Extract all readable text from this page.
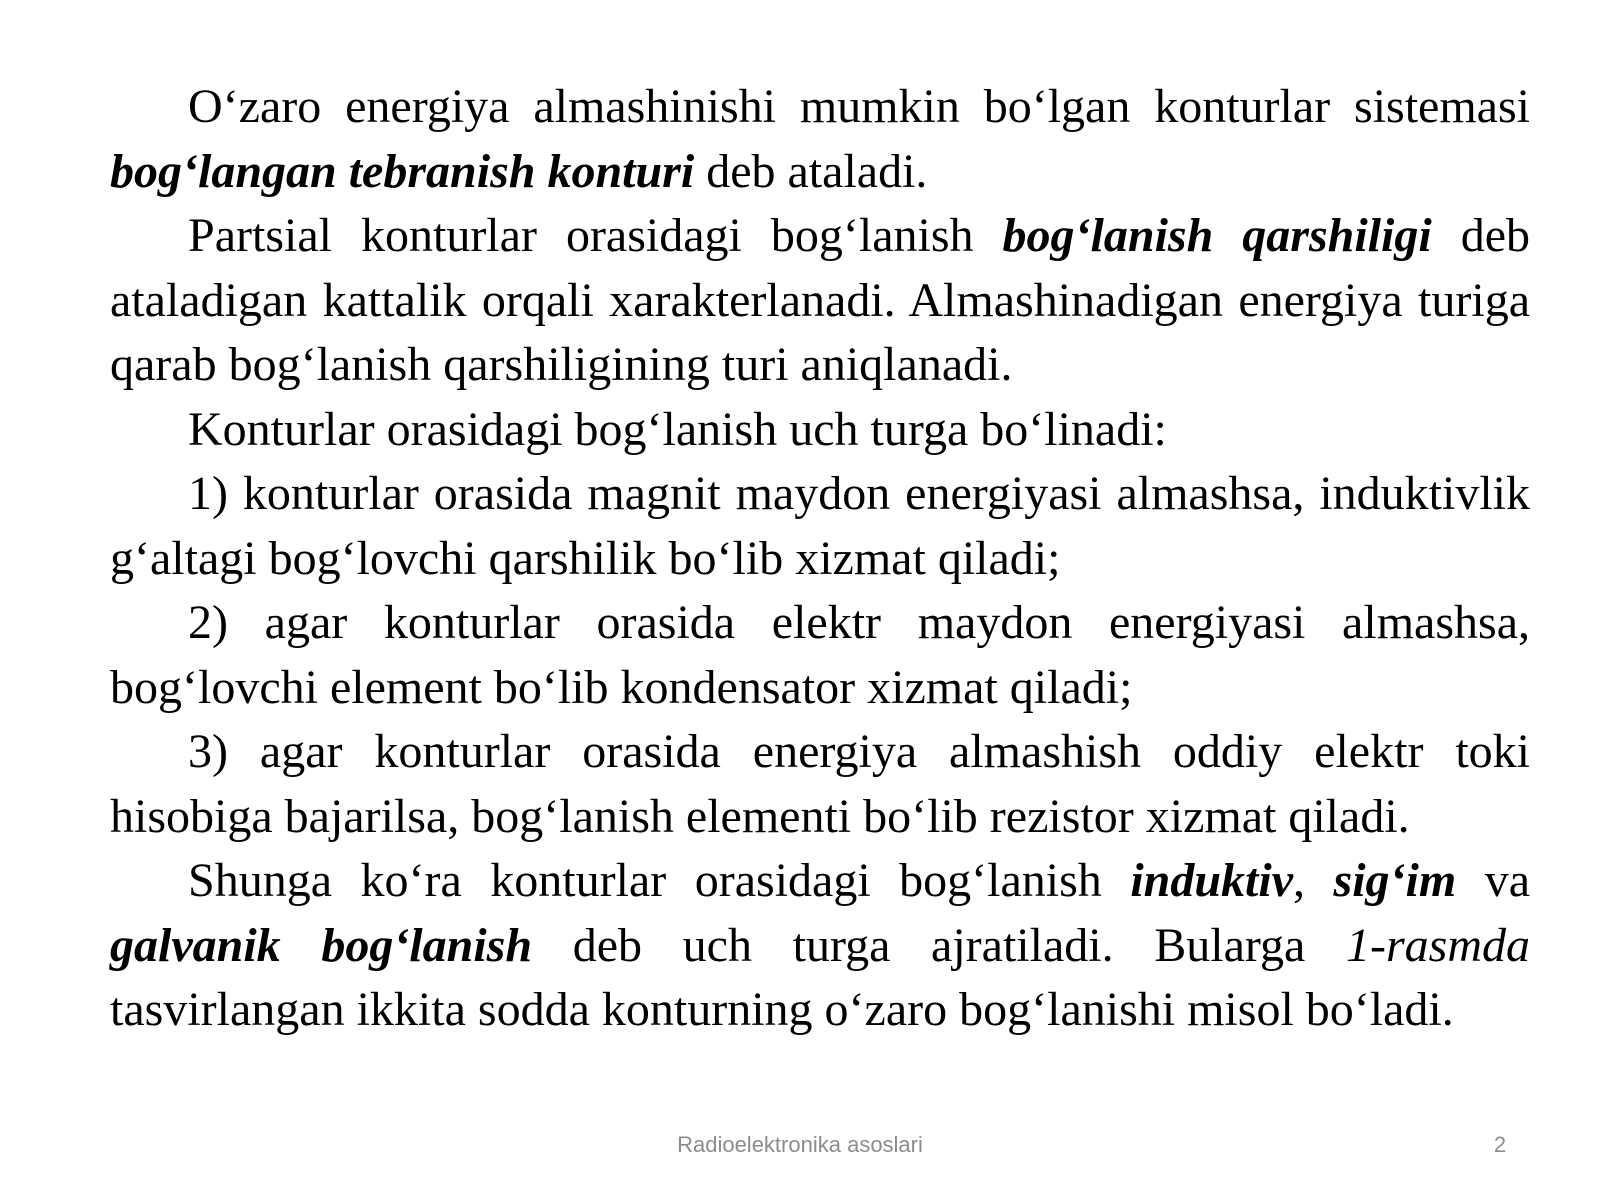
O‘zaro energiya almashinishi mumkin bo‘lgan konturlar sistemasi bog‘langan tebranish konturi deb ataladi.

Partsial konturlar orasidagi bog‘lanish bog‘lanish qarshiligi deb ataladigan kattalik orqali xarakterlanadi. Almashinadigan energiya turiga qarab bog‘lanish qarshiligining turi aniqlanadi.

Konturlar orasidagi bog‘lanish uch turga bo‘linadi:

1) konturlar orasida magnit maydon energiyasi almashsa, induktivlik g‘altagi bog‘lovchi qarshilik bo‘lib xizmat qiladi;

2) agar konturlar orasida elektr maydon energiyasi almashsa, bog‘lovchi element bo‘lib kondensator xizmat qiladi;

3) agar konturlar orasida energiya almashish oddiy elektr toki hisobiga bajarilsa, bog‘lanish elementi bo‘lib rezistor xizmat qiladi.

Shunga ko‘ra konturlar orasidagi bog‘lanish induktiv, sig‘im va galvanik bog‘lanish deb uch turga ajratiladi. Bularga 1-rasmda tasvirlangan ikkita sodda konturning o‘zaro bog‘lanishi misol bo‘ladi.

Radioelektronika asoslari	2
